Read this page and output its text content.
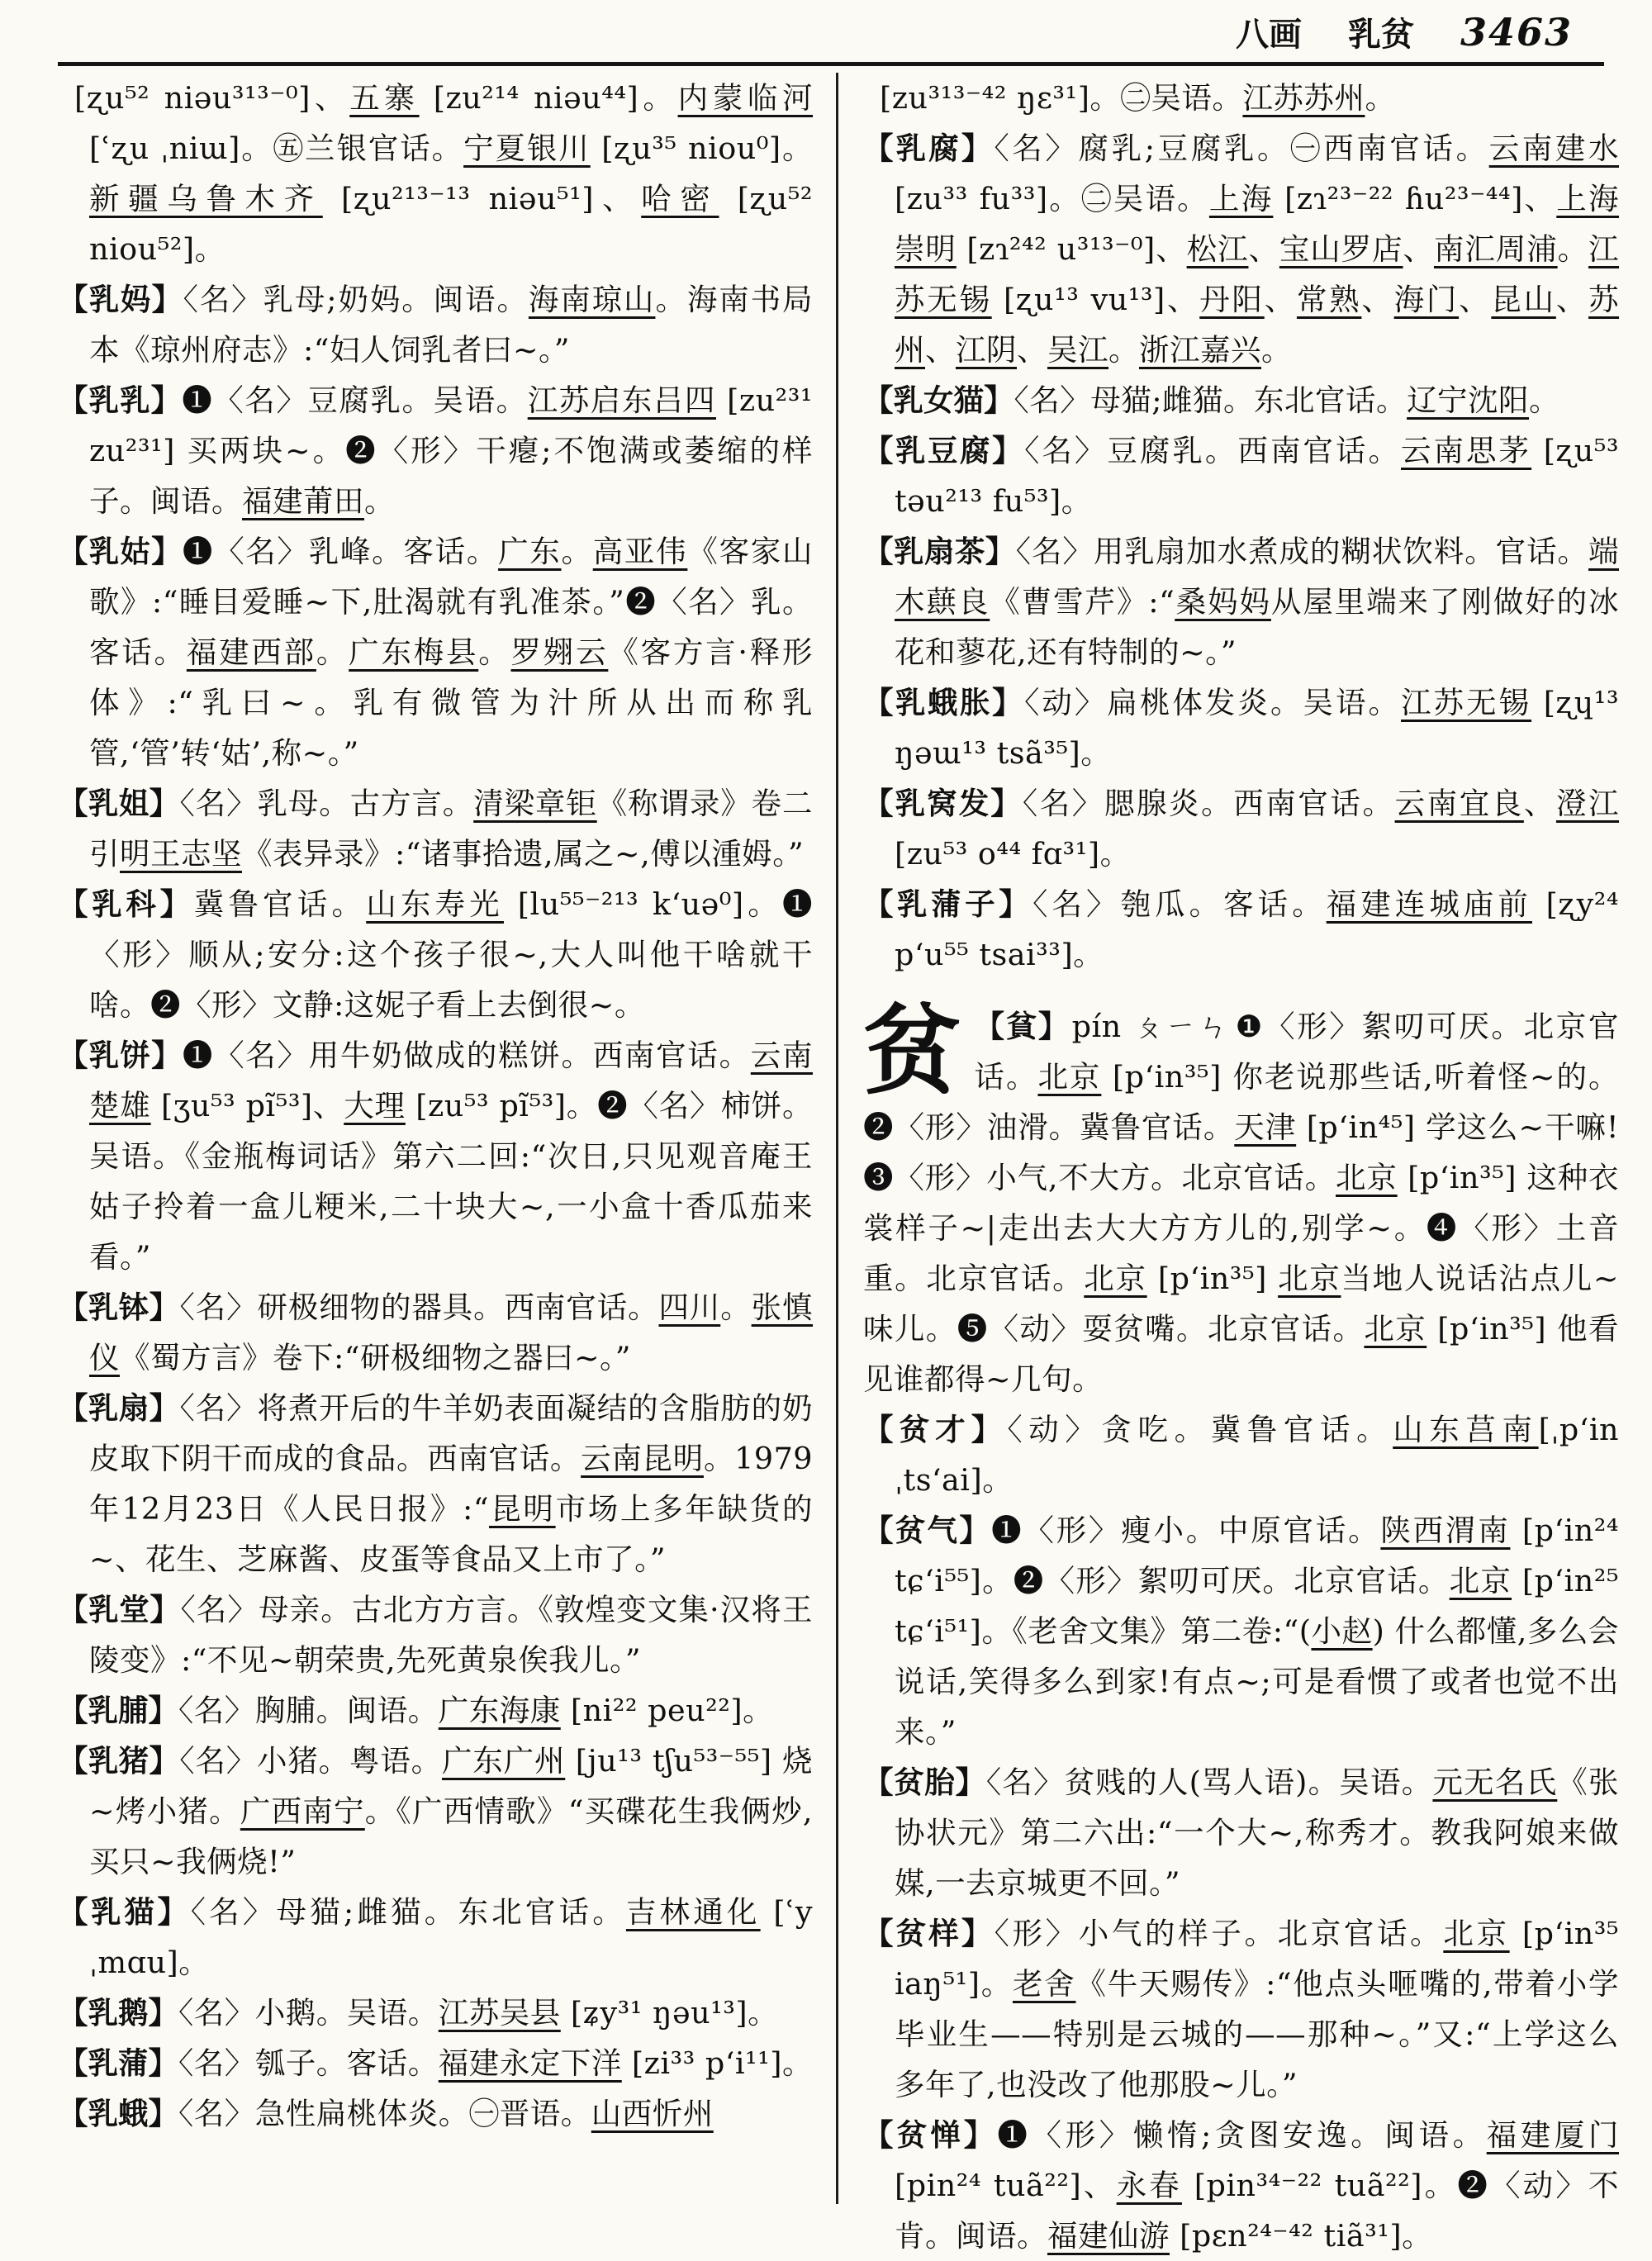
八画 乳贫 3463

[ʐu⁵² niəu³¹³⁻⁰]、五寨 [zu²¹⁴ niəu⁴⁴]。内蒙临河 [ʿʐu ˌniɯ]。㊄兰银官话。宁夏银川 [ʐu³⁵ niou⁰]。新疆乌鲁木齐 [ʐu²¹³⁻¹³ niəu⁵¹]、哈密 [ʐu⁵² niou⁵²]。

【乳妈】〈名〉乳母;奶妈。闽语。海南琼山。海南书局本《琼州府志》:“妇人饲乳者曰~。”

【乳乳】❶〈名〉豆腐乳。吴语。江苏启东吕四 [zu²³¹ zu²³¹] 买两块~。❷〈形〉干瘪;不饱满或萎缩的样子。闽语。福建莆田。

【乳姑】❶〈名〉乳峰。客话。广东。高亚伟《客家山歌》:“睡目爱睡~下,肚渴就有乳准茶。”❷〈名〉乳。客话。福建西部。广东梅县。罗翙云《客方言·释形体》:“乳曰~。乳有微管为汁所从出而称乳管,‘管’转‘姑’,称~。”

【乳姐】〈名〉乳母。古方言。清梁章钜《称谓录》卷二引明王志坚《表异录》:“诸事拾遗,属之~,傅以湩姆。”

【乳科】冀鲁官话。山东寿光 [lu⁵⁵⁻²¹³ kʻuə⁰]。❶〈形〉顺从;安分:这个孩子很~,大人叫他干啥就干啥。❷〈形〉文静:这妮子看上去倒很~。

【乳饼】❶〈名〉用牛奶做成的糕饼。西南官话。云南楚雄 [ʒu⁵³ pĩ⁵³]、大理 [zu⁵³ pĩ⁵³]。❷〈名〉柿饼。吴语。《金瓶梅词话》第六二回:“次日,只见观音庵王姑子拎着一盒儿粳米,二十块大~,一小盒十香瓜茄来看。”

【乳钵】〈名〉研极细物的器具。西南官话。四川。张慎仪《蜀方言》卷下:“研极细物之器曰~。”

【乳扇】〈名〉将煮开后的牛羊奶表面凝结的含脂肪的奶皮取下阴干而成的食品。西南官话。云南昆明。1979年12月23日《人民日报》:“昆明市场上多年缺货的~、花生、芝麻酱、皮蛋等食品又上市了。”

【乳堂】〈名〉母亲。古北方方言。《敦煌变文集·汉将王陵变》:“不见~朝荣贵,先死黄泉俟我儿。”

【乳脯】〈名〉胸脯。闽语。广东海康 [ni²² peu²²]。

【乳猪】〈名〉小猪。粤语。广东广州 [ju¹³ tʃu⁵³⁻⁵⁵] 烧~烤小猪。广西南宁。《广西情歌》“买碟花生我俩炒,买只~我俩烧!”

【乳猫】〈名〉母猫;雌猫。东北官话。吉林通化 [ʿy ˌmɑu]。

【乳鹅】〈名〉小鹅。吴语。江苏吴县 [ʑy³¹ ŋəu¹³]。

【乳蒲】〈名〉瓠子。客话。福建永定下洋 [zi³³ pʻi¹¹]。

【乳蛾】〈名〉急性扁桃体炎。㊀晋语。山西忻州

[zu³¹³⁻⁴² ŋɛ³¹]。㊁吴语。江苏苏州。

【乳腐】〈名〉腐乳;豆腐乳。㊀西南官话。云南建水 [zu³³ fu³³]。㊁吴语。上海 [zɿ²³⁻²² ɦu²³⁻⁴⁴]、上海崇明 [zɿ²⁴² u³¹³⁻⁰]、松江、宝山罗店、南汇周浦。江苏无锡 [ʐu¹³ vu¹³]、丹阳、常熟、海门、昆山、苏州、江阴、吴江。浙江嘉兴。

【乳女猫】〈名〉母猫;雌猫。东北官话。辽宁沈阳。

【乳豆腐】〈名〉豆腐乳。西南官话。云南思茅 [ʐu⁵³ təu²¹³ fu⁵³]。

【乳扇茶】〈名〉用乳扇加水煮成的糊状饮料。官话。端木蕻良《曹雪芹》:“桑妈妈从屋里端来了刚做好的冰花和蓼花,还有特制的~。”

【乳蛾胀】〈动〉扁桃体发炎。吴语。江苏无锡 [ʐɥ¹³ ŋəɯ¹³ tsã³⁵]。

【乳窝发】〈名〉腮腺炎。西南官话。云南宜良、澄江 [zu⁵³ o⁴⁴ fɑ³¹]。

【乳蒲子】〈名〉匏瓜。客话。福建连城庙前 [ʐy²⁴ pʻu⁵⁵ tsai³³]。

贫 【貧】pín ㄆㄧㄣ ❶〈形〉絮叨可厌。北京官话。北京 [pʻin³⁵] 你老说那些话,听着怪~的。❷〈形〉油滑。冀鲁官话。天津 [pʻin⁴⁵] 学这么~干嘛!❸〈形〉小气,不大方。北京官话。北京 [pʻin³⁵] 这种衣裳样子~|走出去大大方方儿的,别学~。❹〈形〉土音重。北京官话。北京 [pʻin³⁵] 北京当地人说话沾点儿~味儿。❺〈动〉耍贫嘴。北京官话。北京 [pʻin³⁵] 他看见谁都得~几句。

【贫才】〈动〉贪吃。冀鲁官话。山东莒南[ˌpʻin ˌtsʻai]。

【贫气】❶〈形〉瘦小。中原官话。陕西渭南 [pʻin²⁴ tɕʻi⁵⁵]。❷〈形〉絮叨可厌。北京官话。北京 [pʻin²⁵ tɕʻi⁵¹]。《老舍文集》第二卷:“(小赵) 什么都懂,多么会说话,笑得多么到家!有点~;可是看惯了或者也觉不出来。”

【贫胎】〈名〉贫贱的人(骂人语)。吴语。元无名氏《张协状元》第二六出:“一个大~,称秀才。教我阿娘来做媒,一去京城更不回。”

【贫样】〈形〉小气的样子。北京官话。北京 [pʻin³⁵ iaŋ⁵¹]。老舍《牛天赐传》:“他点头咂嘴的,带着小学毕业生——特别是云城的——那种~。”又:“上学这么多年了,也没改了他那股~儿。”

【贫惮】❶〈形〉懒惰;贪图安逸。闽语。福建厦门 [pin²⁴ tuã²²]、永春 [pin³⁴⁻²² tuã²²]。❷〈动〉不肯。闽语。福建仙游 [pɛn²⁴⁻⁴² tiã³¹]。
